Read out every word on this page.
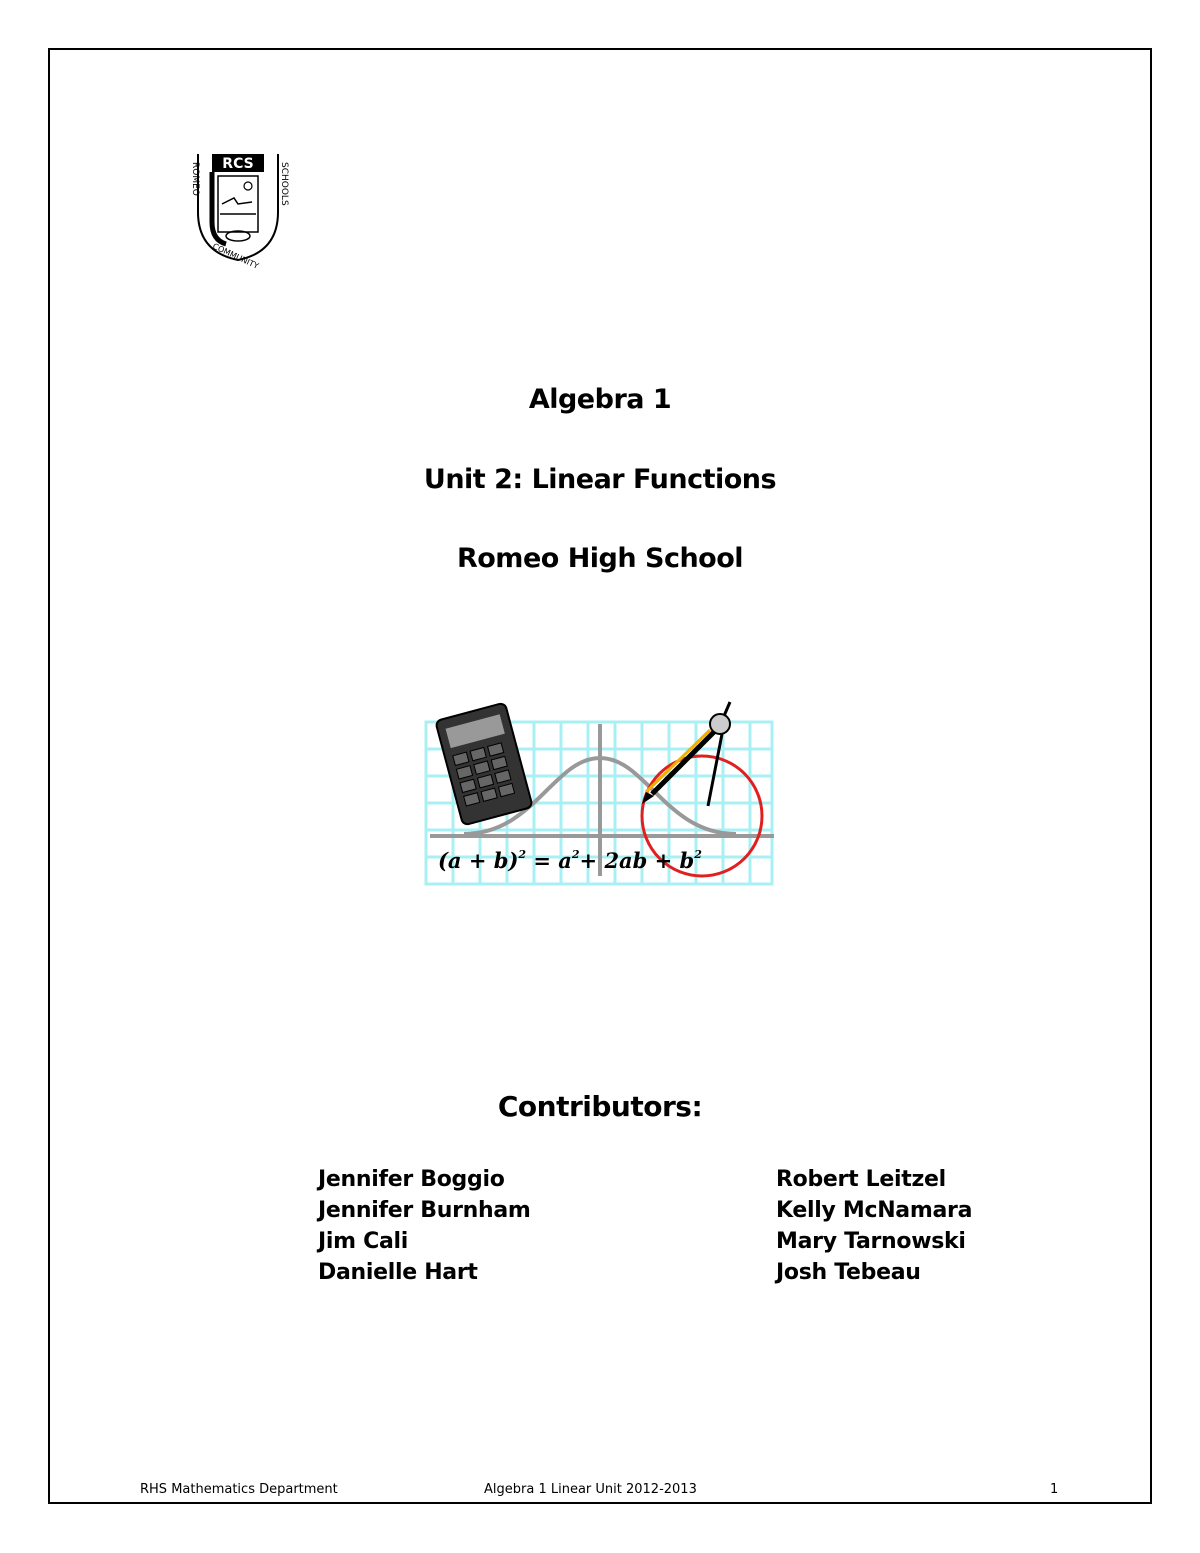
RCS
ROMEO	SCHOOLS
COMMUNITY
Algebra 1
Unit 2: Linear Functions
Romeo High School
$(a + b)^2 = a^2+ 2ab + b^2$
Contributors:
Jennifer Boggio
Jennifer Burnham
Jim Cali
Danielle Hart
Robert Leitzel
Kelly McNamara
Mary Tarnowski
Josh Tebeau
RHS Mathematics Department	Algebra 1 Linear Unit 2012-2013	1
